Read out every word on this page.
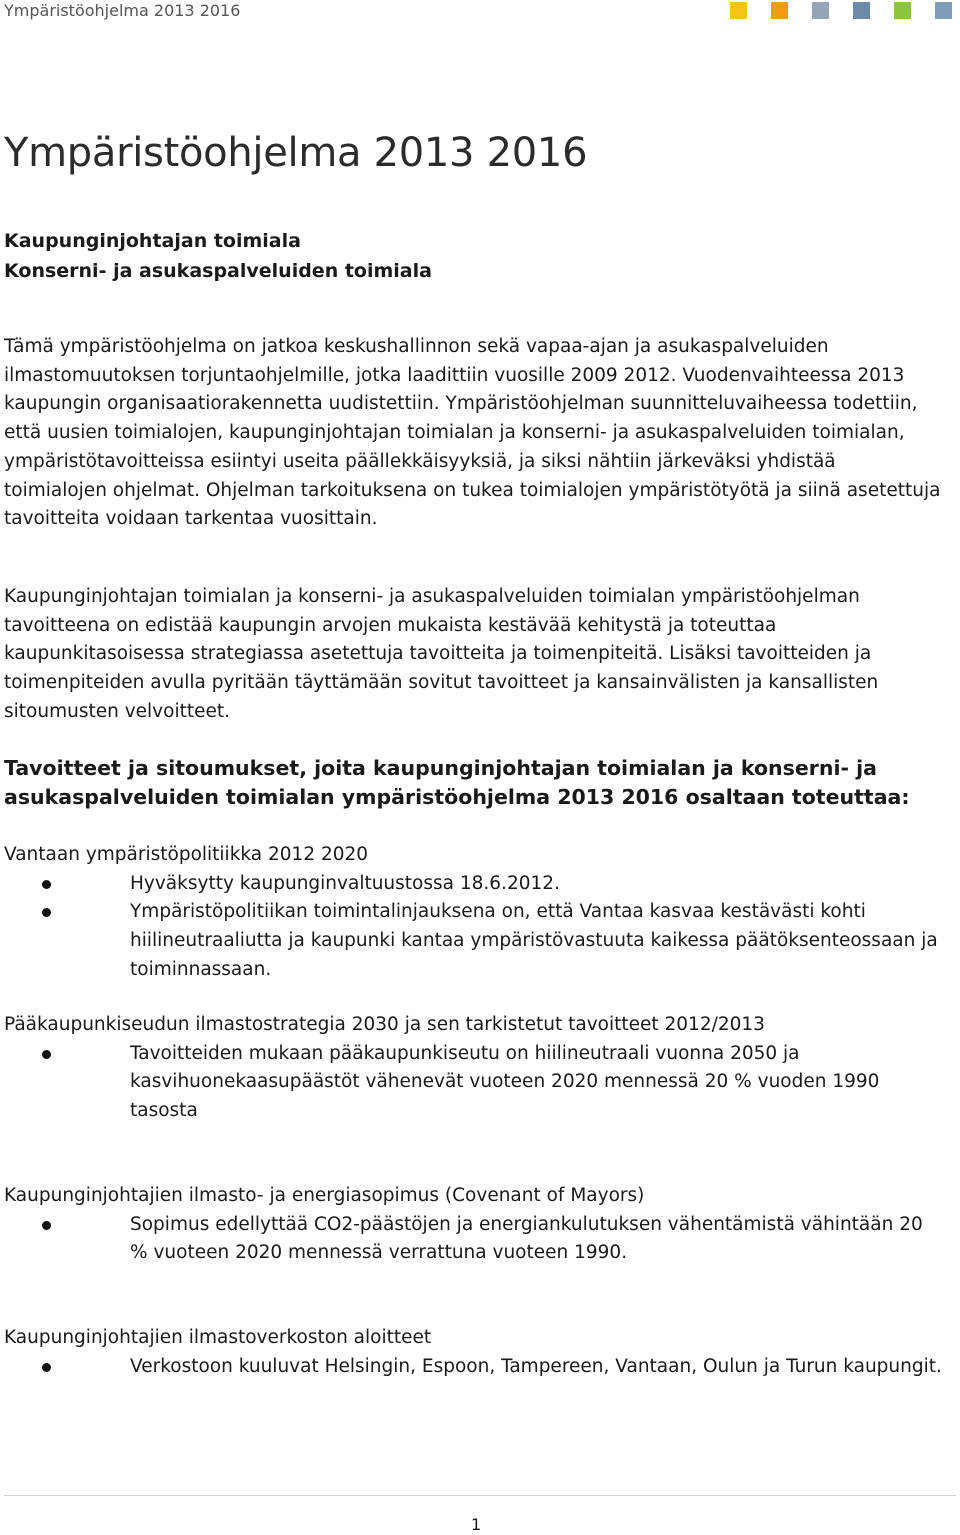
Ympäristöohjelma 2013 2016
Ympäristöohjelma 2013 2016
Kaupunginjohtajan toimiala
Konserni- ja asukaspalveluiden toimiala

Tämä ympäristöohjelma on jatkoa keskushallinnon sekä vapaa-ajan ja asukaspalveluiden ilmastomuutoksen torjuntaohjelmille, jotka laadittiin vuosille 2009 2012. Vuodenvaihteessa 2013 kaupungin organisaatiorakennetta uudistettiin. Ympäristöohjelman suunnitteluvaiheessa todettiin, että uusien toimialojen, kaupunginjohtajan toimialan ja konserni- ja asukaspalveluiden toimialan, ympäristötavoitteissa esiintyi useita päällekkäisyyksiä, ja siksi nähtiin järkeväksi yhdistää toimialojen ohjelmat. Ohjelman tarkoituksena on tukea toimialojen ympäristötyötä ja siinä asetettuja tavoitteita voidaan tarkentaa vuosittain.

Kaupunginjohtajan toimialan ja konserni- ja asukaspalveluiden toimialan ympäristöohjelman tavoitteena on edistää kaupungin arvojen mukaista kestävää kehitystä ja toteuttaa kaupunkitasoisessa strategiassa asetettuja tavoitteita ja toimenpiteitä. Lisäksi tavoitteiden ja toimenpiteiden avulla pyritään täyttämään sovitut tavoitteet ja kansainvälisten ja kansallisten sitoumusten velvoitteet.

Tavoitteet ja sitoumukset, joita kaupunginjohtajan toimialan ja konserni- ja asukaspalveluiden toimialan ympäristöohjelma 2013 2016 osaltaan toteuttaa:
Vantaan ympäristöpolitiikka 2012 2020
Hyväksytty kaupunginvaltuustossa 18.6.2012.
Ympäristöpolitiikan toimintalinjauksena on, että Vantaa kasvaa kestävästi kohti hiilineutraaliutta ja kaupunki kantaa ympäristövastuuta kaikessa päätöksenteossaan ja toiminnassaan.
Pääkaupunkiseudun ilmastostrategia 2030 ja sen tarkistetut tavoitteet 2012/2013
Tavoitteiden mukaan pääkaupunkiseutu on hiilineutraali vuonna 2050 ja kasvihuonekaasupäästöt vähenevät vuoteen 2020 mennessä 20 % vuoden 1990 tasosta
Kaupunginjohtajien ilmasto- ja energiasopimus (Covenant of Mayors)
Sopimus edellyttää CO2-päästöjen ja energiankulutuksen vähentämistä vähintään 20 % vuoteen 2020 mennessä verrattuna vuoteen 1990.
Kaupunginjohtajien ilmastoverkoston aloitteet
Verkostoon kuuluvat Helsingin, Espoon, Tampereen, Vantaan, Oulun ja Turun kaupungit.
1
